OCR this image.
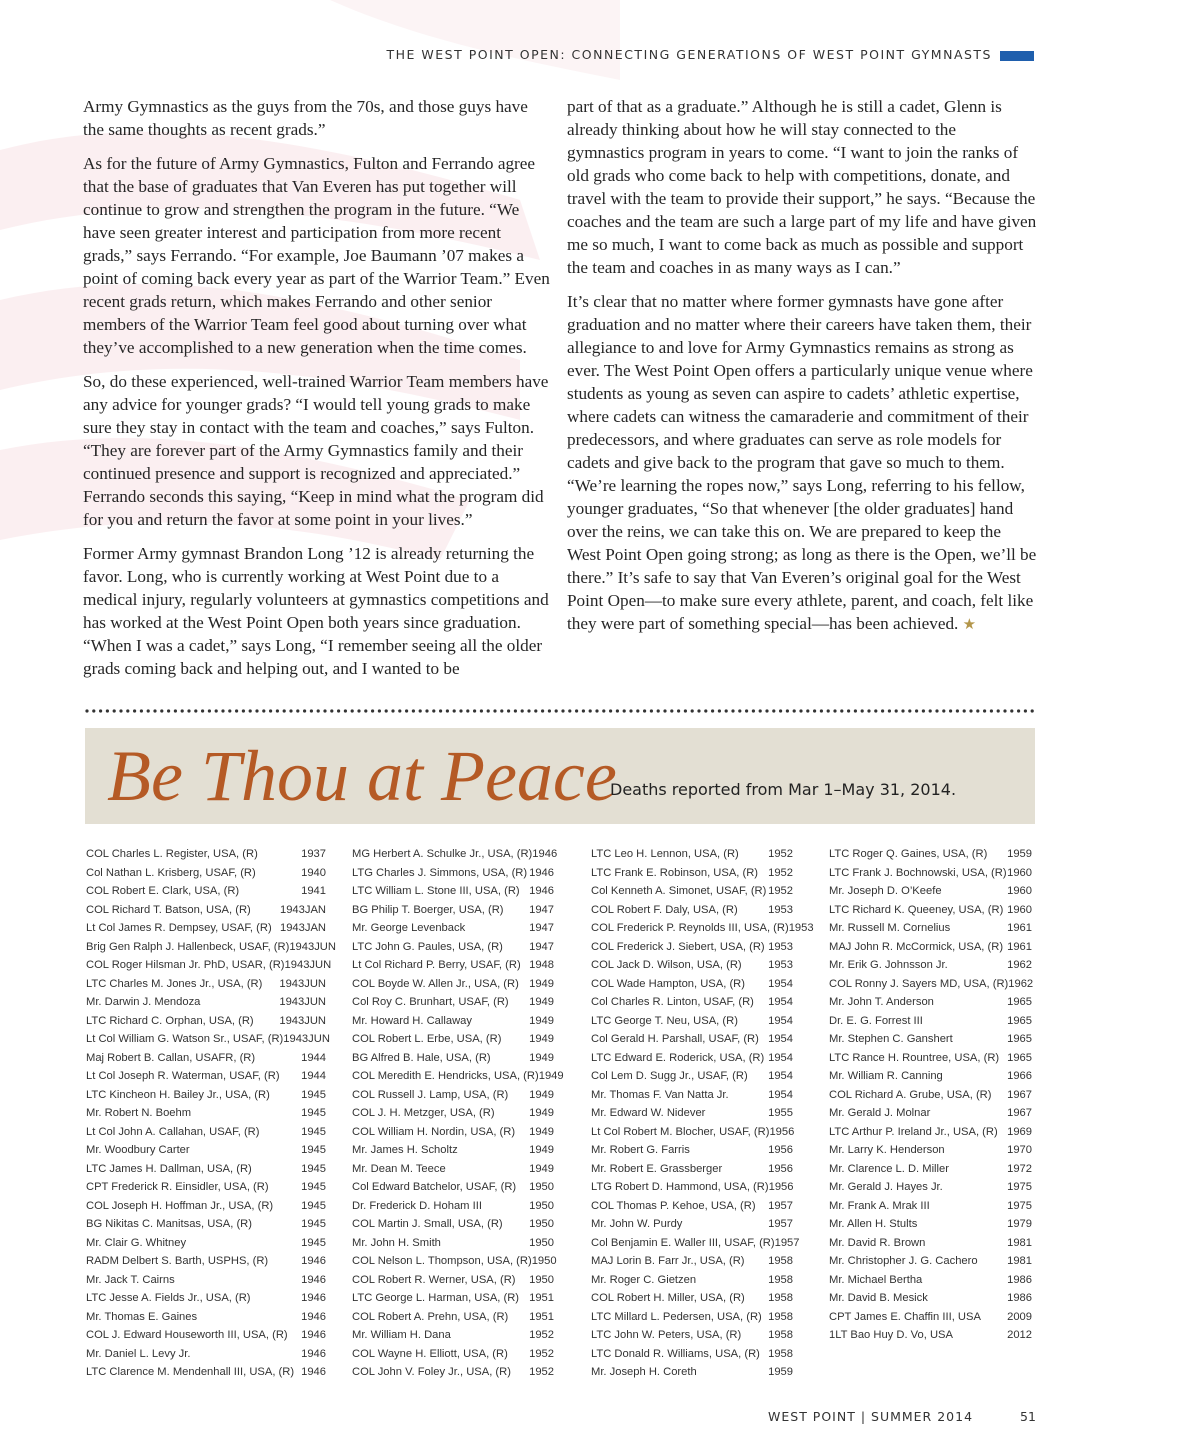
THE WEST POINT OPEN: CONNECTING GENERATIONS OF WEST POINT GYMNASTS

Army Gymnastics as the guys from the 70s, and those guys have the same thoughts as recent grads.”

As for the future of Army Gymnastics, Fulton and Ferrando agree that the base of graduates that Van Everen has put together will continue to grow and strengthen the program in the future. “We have seen greater interest and participation from more recent grads,” says Ferrando. “For example, Joe Baumann ’07 makes a point of coming back every year as part of the Warrior Team.” Even recent grads return, which makes Ferrando and other senior members of the Warrior Team feel good about turning over what they’ve accomplished to a new generation when the time comes.

So, do these experienced, well-trained Warrior Team members have any advice for younger grads? “I would tell young grads to make sure they stay in contact with the team and coaches,” says Fulton. “They are forever part of the Army Gymnastics family and their continued presence and support is recognized and appreciated.” Ferrando seconds this saying, “Keep in mind what the program did for you and return the favor at some point in your lives.”

Former Army gymnast Brandon Long ’12 is already returning the favor. Long, who is currently working at West Point due to a medical injury, regularly volunteers at gymnastics competitions and has worked at the West Point Open both years since graduation. “When I was a cadet,” says Long, “I remember seeing all the older grads coming back and helping out, and I wanted to be

part of that as a graduate.” Although he is still a cadet, Glenn is already thinking about how he will stay connected to the gymnastics program in years to come. “I want to join the ranks of old grads who come back to help with competitions, donate, and travel with the team to provide their support,” he says. “Because the coaches and the team are such a large part of my life and have given me so much, I want to come back as much as possible and support the team and coaches in as many ways as I can.”

It’s clear that no matter where former gymnasts have gone after graduation and no matter where their careers have taken them, their allegiance to and love for Army Gymnastics remains as strong as ever. The West Point Open offers a particularly unique venue where students as young as seven can aspire to cadets’ athletic expertise, where cadets can witness the camaraderie and commitment of their predecessors, and where graduates can serve as role models for cadets and give back to the program that gave so much to them. “We’re learning the ropes now,” says Long, referring to his fellow, younger graduates, “So that whenever [the older graduates] hand over the reins, we can take this on. We are prepared to keep the West Point Open going strong; as long as there is the Open, we’ll be there.” It’s safe to say that Van Everen’s original goal for the West Point Open—to make sure every athlete, parent, and coach, felt like they were part of something special—has been achieved. ★

Be Thou at Peace
Deaths reported from Mar 1–May 31, 2014.
COL Charles L. Register, USA, (R)	1937
Col Nathan L. Krisberg, USAF, (R)	1940
COL Robert E. Clark, USA, (R)	1941
COL Richard T. Batson, USA, (R)	1943JAN
Lt Col James R. Dempsey, USAF, (R) 1943JAN
Brig Gen Ralph J. Hallenbeck, USAF, (R) 1943JUN
COL Roger Hilsman Jr. PhD, USAR, (R) 1943JUN
LTC Charles M. Jones Jr., USA, (R) 1943JUN
Mr. Darwin J. Mendoza	1943JUN
LTC Richard C. Orphan, USA, (R) 1943JUN
Lt Col William G. Watson Sr., USAF, (R) 1943JUN
Maj Robert B. Callan, USAFR, (R)	1944
Lt Col Joseph R. Waterman, USAF, (R) 1944
LTC Kincheon H. Bailey Jr., USA, (R)	1945
Mr. Robert N. Boehm	1945
Lt Col John A. Callahan, USAF, (R)	1945
Mr. Woodbury Carter	1945
LTC James H. Dallman, USA, (R)	1945
CPT Frederick R. Einsidler, USA, (R)	1945
COL Joseph H. Hoffman Jr., USA, (R) 1945
BG Nikitas C. Manitsas, USA, (R)	1945
Mr. Clair G. Whitney	1945
RADM Delbert S. Barth, USPHS, (R)	1946
Mr. Jack T. Cairns	1946
LTC Jesse A. Fields Jr., USA, (R)	1946
Mr. Thomas E. Gaines	1946
COL J. Edward Houseworth III, USA, (R) 1946
Mr. Daniel L. Levy Jr.	1946
LTC Clarence M. Mendenhall III, USA, (R) 1946
MG Herbert A. Schulke Jr., USA, (R) 1946
LTG Charles J. Simmons, USA, (R) 1946
LTC William L. Stone III, USA, (R) 1946
BG Philip T. Boerger, USA, (R) 1947
Mr. George Levenback	1947
LTC John G. Paules, USA, (R) 1947
Lt Col Richard P. Berry, USAF, (R) 1948
COL Boyde W. Allen Jr., USA, (R) 1949
Col Roy C. Brunhart, USAF, (R) 1949
Mr. Howard H. Callaway	1949
COL Robert L. Erbe, USA, (R) 1949
BG Alfred B. Hale, USA, (R)	1949
COL Meredith E. Hendricks, USA, (R) 1949
COL Russell J. Lamp, USA, (R) 1949
COL J. H. Metzger, USA, (R)	1949
COL William H. Nordin, USA, (R) 1949
Mr. James H. Scholtz	1949
Mr. Dean M. Teece	1949
Col Edward Batchelor, USAF, (R) 1950
Dr. Frederick D. Hoham III	1950
COL Martin J. Small, USA, (R) 1950
Mr. John H. Smith	1950
COL Nelson L. Thompson, USA, (R) 1950
COL Robert R. Werner, USA, (R) 1950
LTC George L. Harman, USA, (R) 1951
COL Robert A. Prehn, USA, (R) 1951
Mr. William H. Dana	1952
COL Wayne H. Elliott, USA, (R) 1952
COL John V. Foley Jr., USA, (R) 1952
LTC Leo H. Lennon, USA, (R)	1952
LTC Frank E. Robinson, USA, (R) 1952
Col Kenneth A. Simonet, USAF, (R) 1952
COL Robert F. Daly, USA, (R)	1953
COL Frederick P. Reynolds III, USA, (R) 1953
COL Frederick J. Siebert, USA, (R) 1953
COL Jack D. Wilson, USA, (R) 1953
COL Wade Hampton, USA, (R) 1954
Col Charles R. Linton, USAF, (R) 1954
LTC George T. Neu, USA, (R)	1954
Col Gerald H. Parshall, USAF, (R) 1954
LTC Edward E. Roderick, USA, (R) 1954
Col Lem D. Sugg Jr., USAF, (R) 1954
Mr. Thomas F. Van Natta Jr.	1954
Mr. Edward W. Nidever	1955
Lt Col Robert M. Blocher, USAF, (R) 1956
Mr. Robert G. Farris	1956
Mr. Robert E. Grassberger	1956
LTG Robert D. Hammond, USA, (R) 1956
COL Thomas P. Kehoe, USA, (R) 1957
Mr. John W. Purdy	1957
Col Benjamin E. Waller III, USAF, (R) 1957
MAJ Lorin B. Farr Jr., USA, (R) 1958
Mr. Roger C. Gietzen	1958
COL Robert H. Miller, USA, (R) 1958
LTC Millard L. Pedersen, USA, (R) 1958
LTC John W. Peters, USA, (R) 1958
LTC Donald R. Williams, USA, (R) 1958
Mr. Joseph H. Coreth	1959
LTC Roger Q. Gaines, USA, (R) 1959
LTC Frank J. Bochnowski, USA, (R) 1960
Mr. Joseph D. O’Keefe	1960
LTC Richard K. Queeney, USA, (R) 1960
Mr. Russell M. Cornelius	1961
MAJ John R. McCormick, USA, (R) 1961
Mr. Erik G. Johnsson Jr.	1962
COL Ronny J. Sayers MD, USA, (R) 1962
Mr. John T. Anderson	1965
Dr. E. G. Forrest III	1965
Mr. Stephen C. Ganshert	1965
LTC Rance H. Rountree, USA, (R) 1965
Mr. William R. Canning	1966
COL Richard A. Grube, USA, (R) 1967
Mr. Gerald J. Molnar	1967
LTC Arthur P. Ireland Jr., USA, (R) 1969
Mr. Larry K. Henderson	1970
Mr. Clarence L. D. Miller	1972
Mr. Gerald J. Hayes Jr.	1975
Mr. Frank A. Mrak III	1975
Mr. Allen H. Stults	1979
Mr. David R. Brown	1981
Mr. Christopher J. G. Cachero	1981
Mr. Michael Bertha	1986
Mr. David B. Mesick	1986
CPT James E. Chaffin III, USA 2009
1LT Bao Huy D. Vo, USA	2012
WEST POINT | SUMMER 2014	51
